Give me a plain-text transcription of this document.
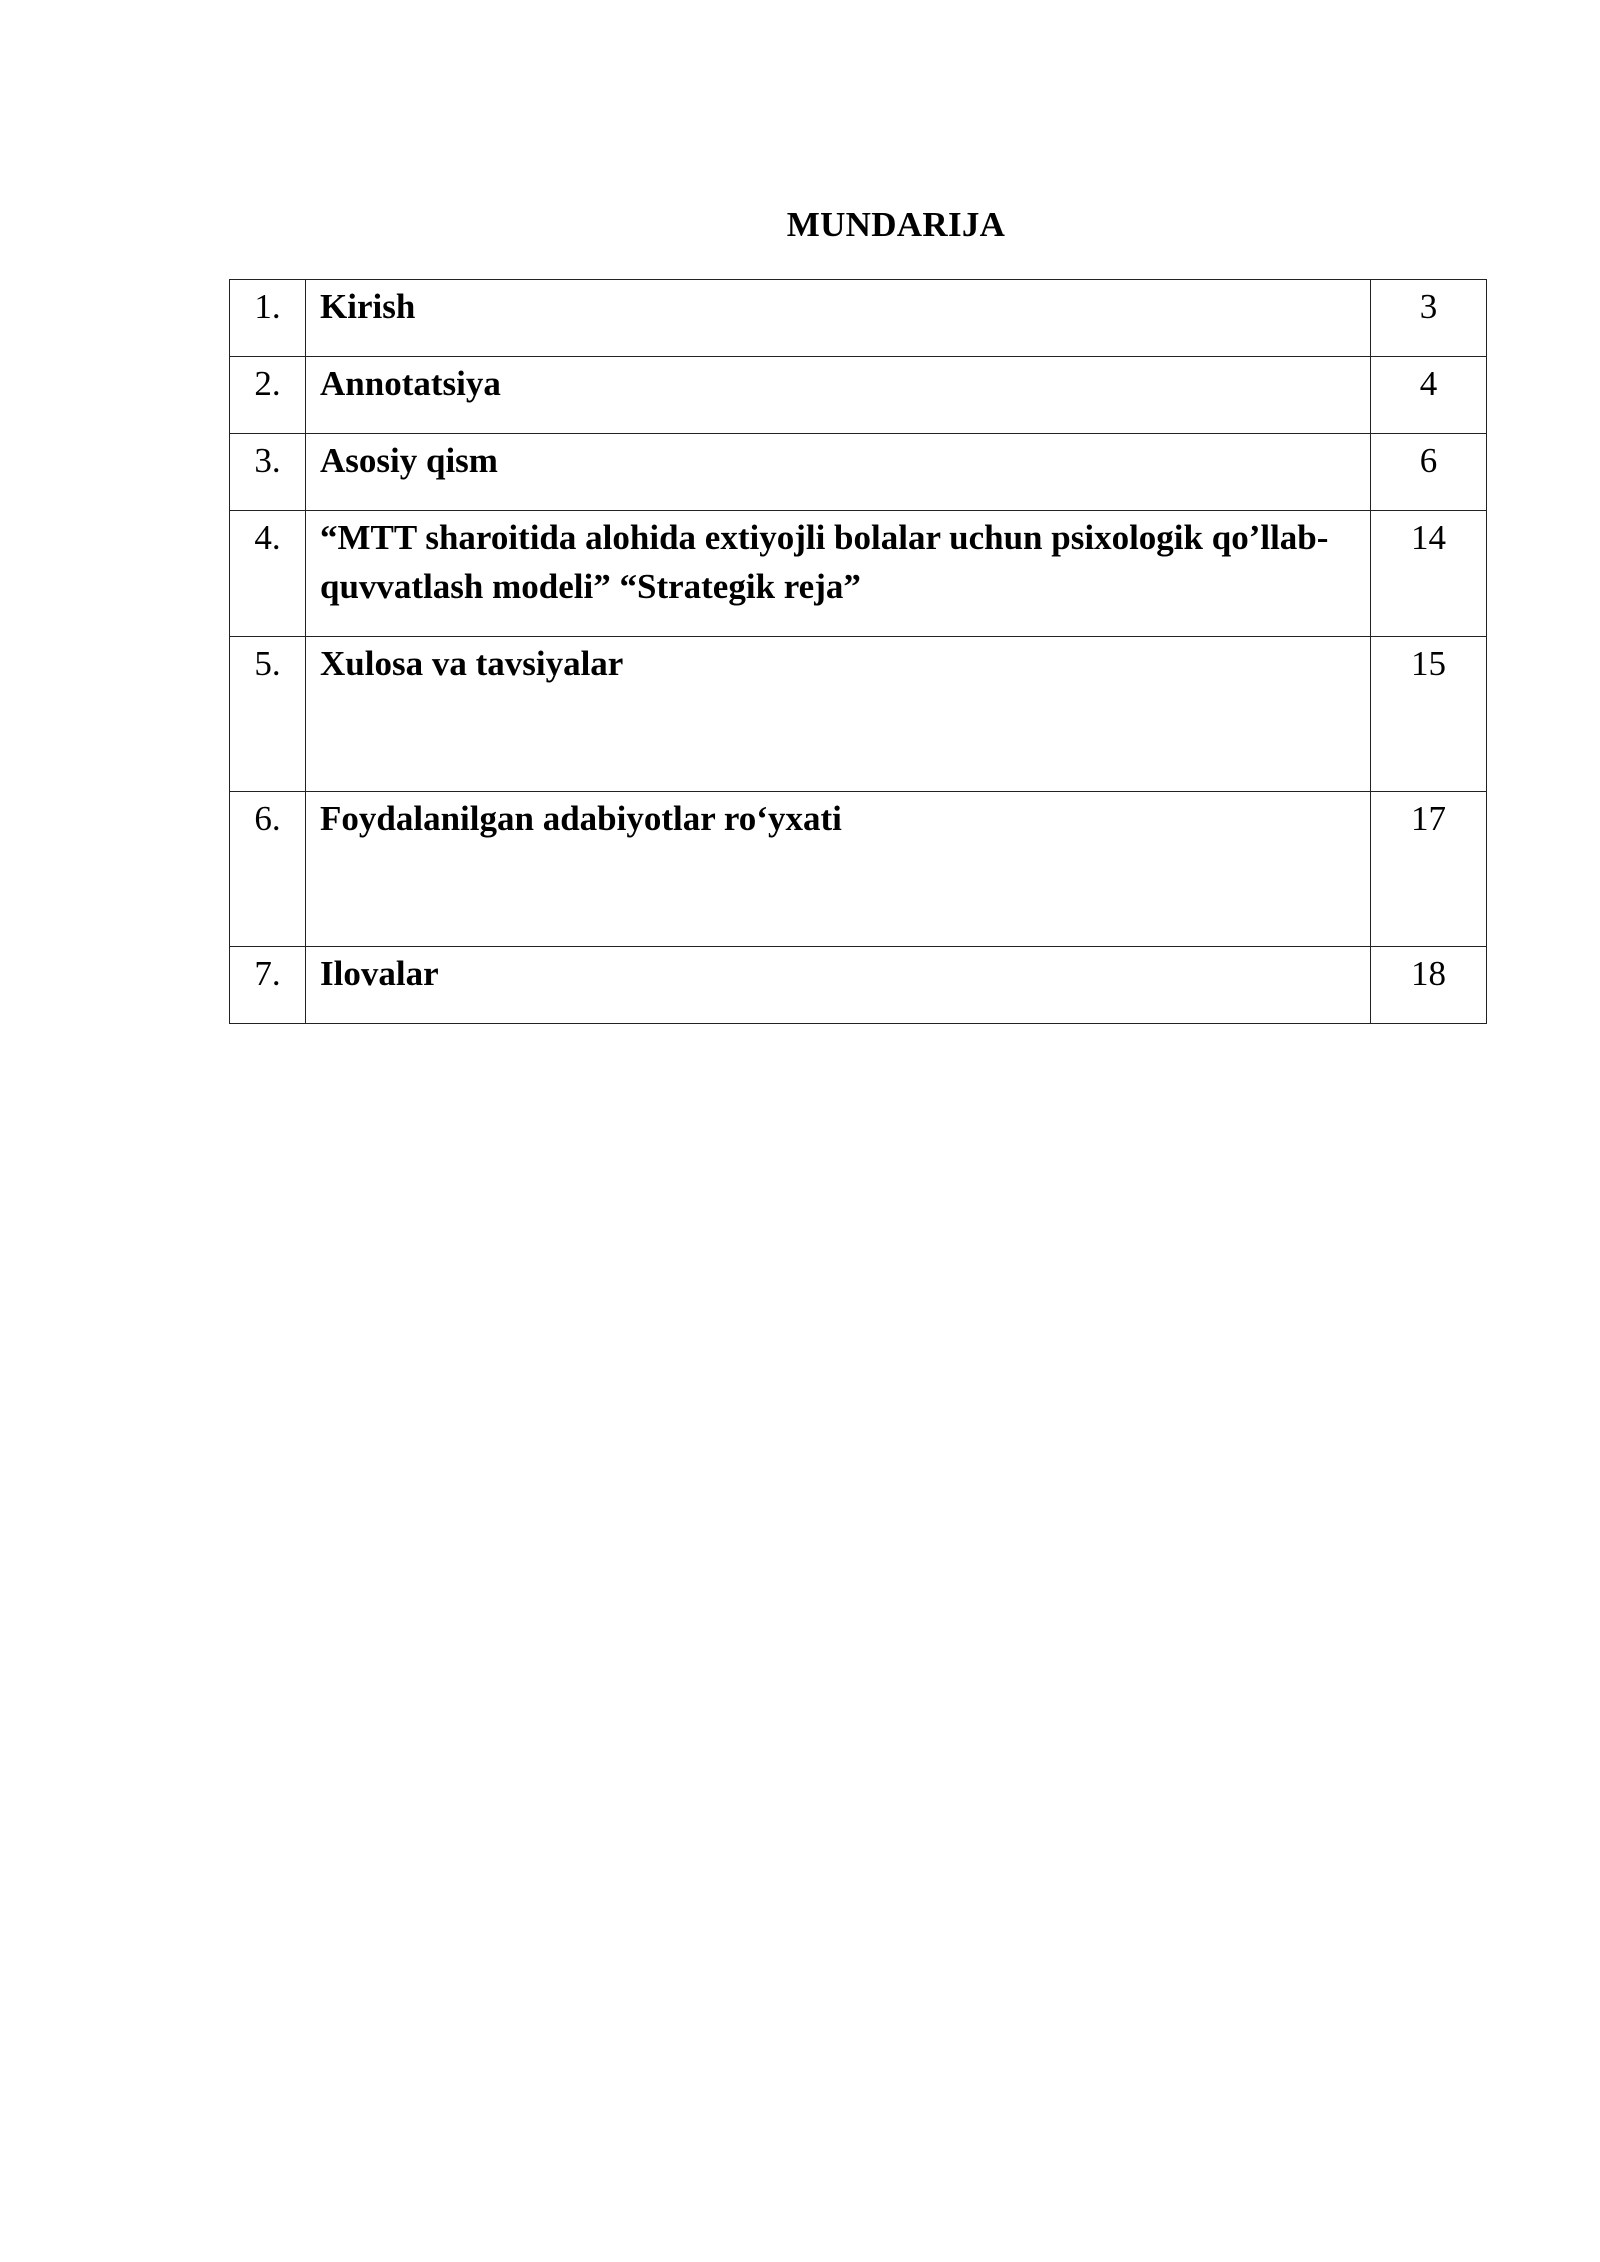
MUNDARIJA
1.	Kirish	3
2.	Annotatsiya	4
3.	Asosiy qism	6
4.	“MTT sharoitida alohida extiyojli bolalar uchun psixologik qo’llab-quvvatlash modeli” “Strategik reja”	14
5.	Xulosa va tavsiyalar	15
6.	Foydalanilgan adabiyotlar ro‘yxati	17
7.	Ilovalar	18
